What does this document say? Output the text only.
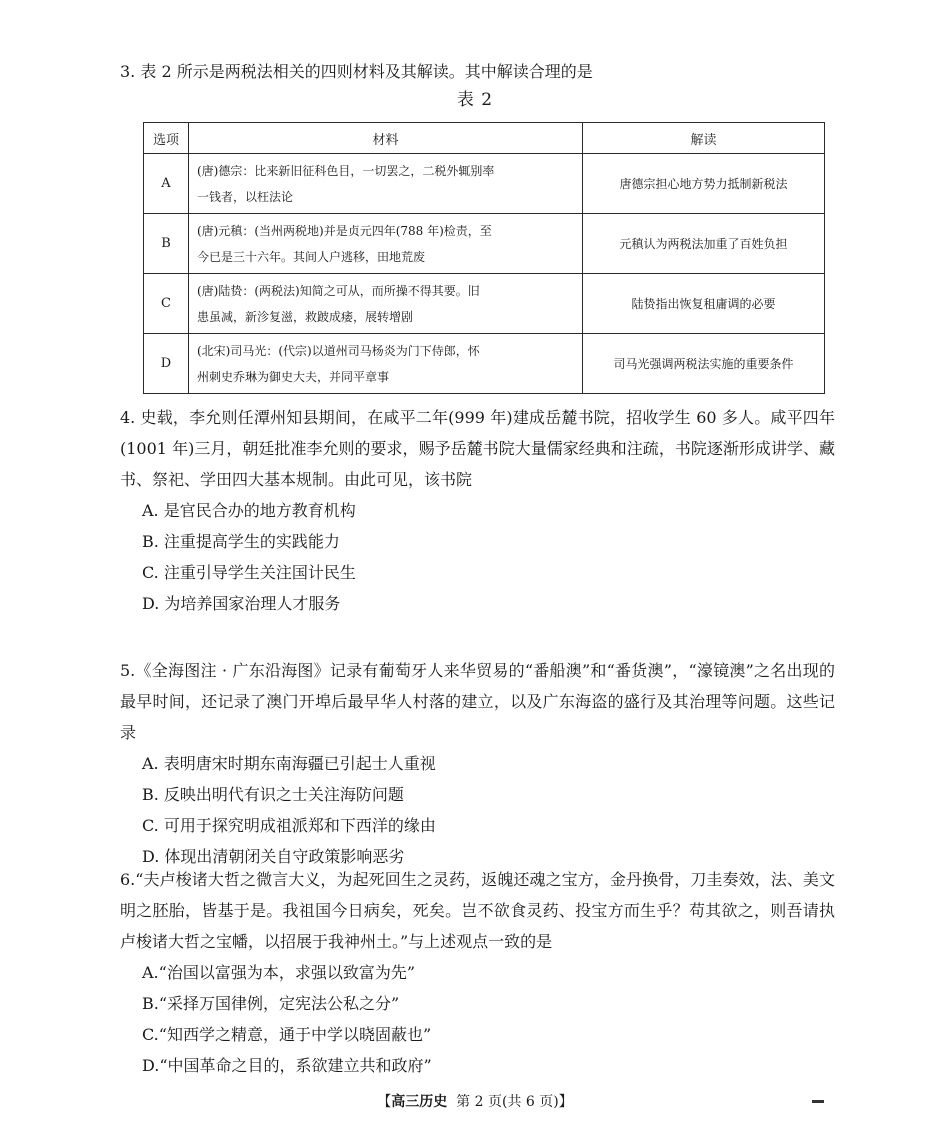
3. 表 2 所示是两税法相关的四则材料及其解读。其中解读合理的是
表 2
选项	材料	解读
A	(唐)德宗：比来新旧征科色目，一切罢之，二税外辄别率
一钱者，以枉法论	唐德宗担心地方势力抵制新税法
B	(唐)元稹：(当州两税地)并是贞元四年(788 年)检责，至
今已是三十六年。其间人户逃移，田地荒废	元稹认为两税法加重了百姓负担
C	(唐)陆贽：(两税法)知简之可从，而所操不得其要。旧
患虽减，新沴复滋，救跛成痿，展转增剧	陆贽指出恢复租庸调的必要
D	(北宋)司马光：(代宗)以道州司马杨炎为门下侍郎，怀
州刺史乔琳为御史大夫，并同平章事	司马光强调两税法实施的重要条件
4. 史载，李允则任潭州知县期间，在咸平二年(999 年)建成岳麓书院，招收学生 60 多人。咸平四年(1001 年)三月，朝廷批准李允则的要求，赐予岳麓书院大量儒家经典和注疏，书院逐渐形成讲学、藏书、祭祀、学田四大基本规制。由此可见，该书院
A. 是官民合办的地方教育机构
B. 注重提高学生的实践能力
C. 注重引导学生关注国计民生
D. 为培养国家治理人才服务
5.《全海图注 · 广东沿海图》记录有葡萄牙人来华贸易的“番船澳”和“番货澳”，“濠镜澳”之名出现的最早时间，还记录了澳门开埠后最早华人村落的建立，以及广东海盗的盛行及其治理等问题。这些记录
A. 表明唐宋时期东南海疆已引起士人重视
B. 反映出明代有识之士关注海防问题
C. 可用于探究明成祖派郑和下西洋的缘由
D. 体现出清朝闭关自守政策影响恶劣
6.“夫卢梭诸大哲之微言大义，为起死回生之灵药，返魄还魂之宝方，金丹换骨，刀圭奏效，法、美文明之胚胎，皆基于是。我祖国今日病矣，死矣。岂不欲食灵药、投宝方而生乎？苟其欲之，则吾请执卢梭诸大哲之宝幡，以招展于我神州土。”与上述观点一致的是
A.“治国以富强为本，求强以致富为先”
B.“采择万国律例，定宪法公私之分”
C.“知西学之精意，通于中学以晓固蔽也”
D.“中国革命之目的，系欲建立共和政府”
【高三历史 第 2 页(共 6 页)】
